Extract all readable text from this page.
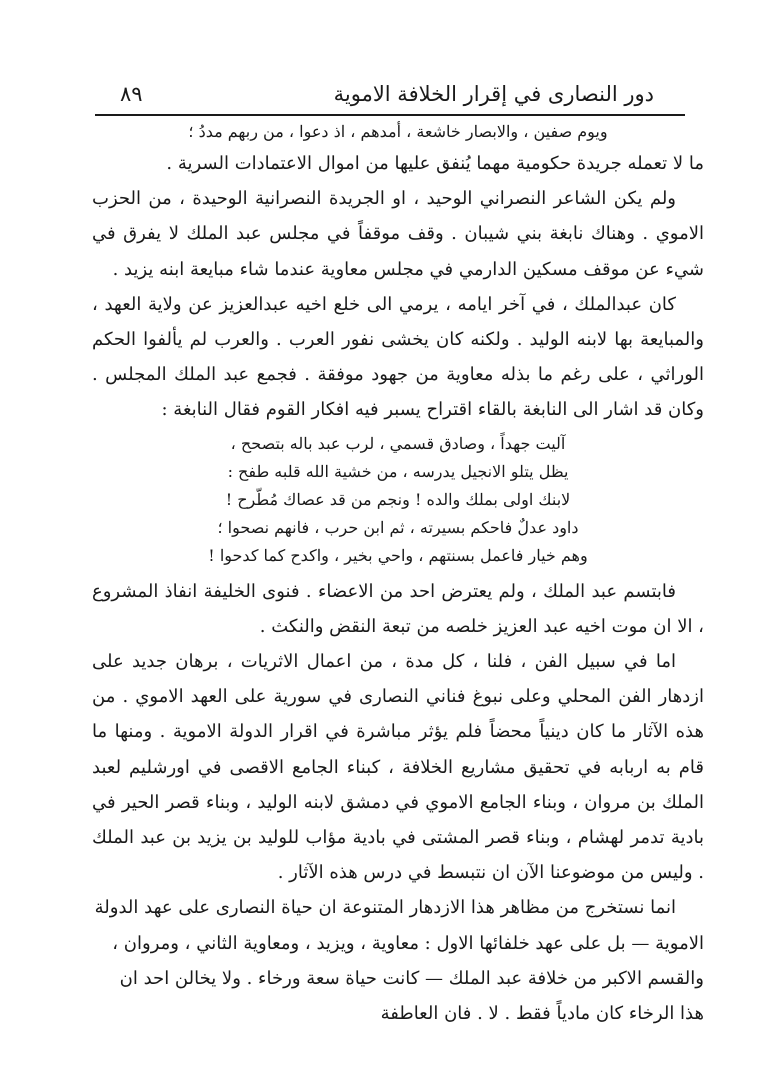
دور النصارى في إقرار الخلافة الاموية
٨٩

ويوم صفين ، والابصار خاشعة ، أمدهم ، اذ دعوا ، من ربهم مددُ ؛

ما لا تعمله جريدة حكومية مهما يُنفق عليها من اموال الاعتمادات السرية .

ولم يكن الشاعر النصراني الوحيد ، او الجريدة النصرانية الوحيدة ، من الحزب الاموي . وهناك نابغة بني شيبان . وقف موقفاً في مجلس عبد الملك لا يفرق في شيء عن موقف مسكين الدارمي في مجلس معاوية عندما شاء مبايعة ابنه يزيد .

كان عبدالملك ، في آخر ايامه ، يرمي الى خلع اخيه عبدالعزيز عن ولاية العهد ، والمبايعة بها لابنه الوليد . ولكنه كان يخشى نفور العرب . والعرب لم يألفوا الحكم الوراثي ، على رغم ما بذله معاوية من جهود موفقة . فجمع عبد الملك المجلس . وكان قد اشار الى النابغة بالقاء اقتراح يسبر فيه افكار القوم فقال النابغة :

آليت جهداً ، وصادق قسمي ، لرب عبد باله بتصحح ،

يظل يتلو الانجيل يدرسه ، من خشية الله قلبه طفح :

لابنك اولى بملك والده ! ونجم من قد عصاك مُطّرح !

داود عدلٌ فاحكم بسيرته ، ثم ابن حرب ، فانهم نصحوا ؛

وهم خيار فاعمل بسنتهم ، واحي بخير ، واكدح كما كدحوا !

فابتسم عبد الملك ، ولم يعترض احد من الاعضاء . فنوى الخليفة انفاذ المشروع ، الا ان موت اخيه عبد العزيز خلصه من تبعة النقض والنكث .

اما في سبيل الفن ، فلنا ، كل مدة ، من اعمال الاثريات ، برهان جديد على ازدهار الفن المحلي وعلى نبوغ فناني النصارى في سورية على العهد الاموي . من هذه الآثار ما كان دينياً محضاً فلم يؤثر مباشرة في اقرار الدولة الاموية . ومنها ما قام به اربابه في تحقيق مشاريع الخلافة ، كبناء الجامع الاقصى في اورشليم لعبد الملك بن مروان ، وبناء الجامع الاموي في دمشق لابنه الوليد ، وبناء قصر الحير في بادية تدمر لهشام ، وبناء قصر المشتى في بادية مؤاب للوليد بن يزيد بن عبد الملك . وليس من موضوعنا الآن ان نتبسط في درس هذه الآثار .

انما نستخرج من مظاهر هذا الازدهار المتنوعة ان حياة النصارى على عهد الدولة الاموية — بل على عهد خلفائها الاول : معاوية ، ويزيد ، ومعاوية الثاني ، ومروان ، والقسم الاكبر من خلافة عبد الملك — كانت حياة سعة ورخاء . ولا يخالن احد ان هذا الرخاء كان مادياً فقط . لا . فان العاطفة
